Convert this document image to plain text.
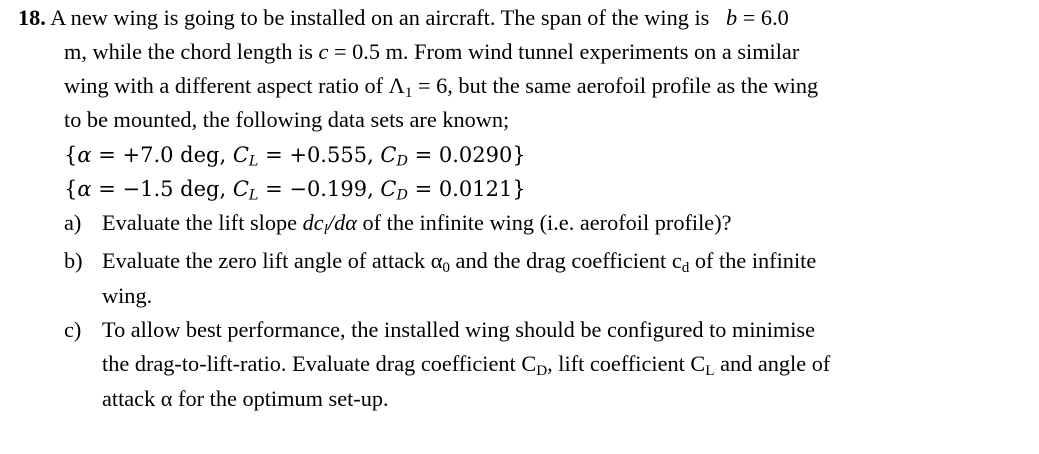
18. A new wing is going to be installed on an aircraft. The span of the wing is b = 6.0
m, while the chord length is c = 0.5 m. From wind tunnel experiments on a similar
wing with a different aspect ratio of $\Lambda_1 = 6$, but the same aerofoil profile as the wing
to be mounted, the following data sets are known;
{α = +7.0 deg, $C_L = +0.555$, $C_D = 0.0290$}
{α = −1.5 deg, $C_L = -0.199$, $C_D = 0.0121$}
a) Evaluate the lift slope $dc_l/d\alpha$ of the infinite wing (i.e. aerofoil profile)?
b) Evaluate the zero lift angle of attack $\alpha_0$ and the drag coefficient $c_d$ of the infinite
wing.
c) To allow best performance, the installed wing should be configured to minimise
the drag-to-lift-ratio. Evaluate drag coefficient $C_D$, lift coefficient $C_L$ and angle of
attack α for the optimum set-up.
